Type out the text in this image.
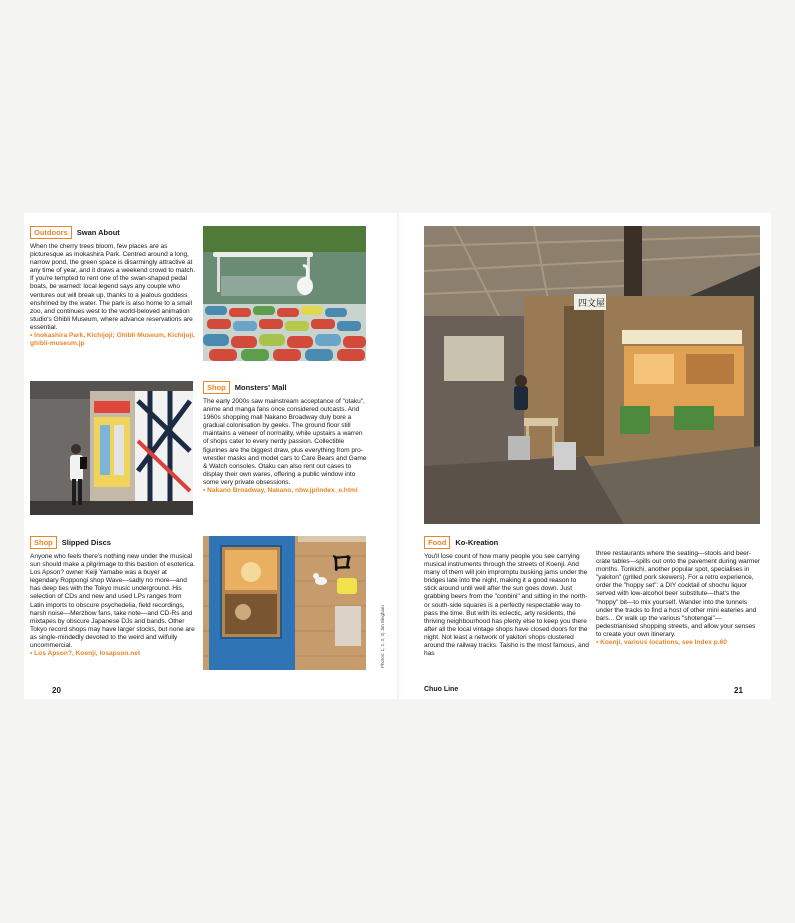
Outdoors	Swan About

When the cherry trees bloom, few places are as picturesque as Inokashira Park. Centred around a long, narrow pond, the green space is disarmingly attractive at any time of year, and it draws a weekend crowd to match. If you're tempted to rent one of the swan-shaped pedal boats, be warned: local legend says any couple who ventures out will break up, thanks to a jealous goddess enshrined by the water. The park is also home to a small zoo, and continues west to the world-beloved animation studio's Ghibli Museum, where advance reservations are essential.

• Inokashira Park, Kichijoji; Ghibli Museum, Kichijoji, ghibli-museum.jp

Shop	Monsters' Mall

The early 2000s saw mainstream acceptance of "otaku", anime and manga fans once considered outcasts. And 1960s shopping mall Nakano Broadway duly bore a gradual colonisation by geeks. The ground floor still maintains a veneer of normality, while upstairs a warren of shops cater to every nerdy passion. Collectible figurines are the biggest draw, plus everything from pro-wrestler masks and model cars to Care Bears and Game & Watch consoles. Otaku can also rent out cases to display their own wares, offering a public window into some very private obsessions.

• Nakano Broadway, Nakano, nbw.jp/index_e.html

Shop	Slipped Discs

Anyone who feels there's nothing new under the musical sun should make a pilgrimage to this bastion of esoterica. Los Apson? owner Keiji Yamabe was a buyer at legendary Roppongi shop Wave—sadly no more—and has deep ties with the Tokyo music underground. His selection of CDs and new and used LPs ranges from Latin imports to obscure psychedelia, field recordings, harsh noise—Merzbow fans, take note—and CD-Rs and mixtapes by obscure Japanese DJs and bands. Other Tokyo record shops may have larger stocks, but none are as single-mindedly devoted to the weird and wilfully uncommercial.

• Los Apson?, Koenji, losapson.net

ロ
Photos: 1, 2, 3, 4) Jim Bingham
20
四文屋
Food	Ko-Kreation

You'll lose count of how many people you see carrying musical instruments through the streets of Koenji. And many of them will join impromptu busking jams under the bridges late into the night, making it a good reason to stick around until well after the sun goes down. Just grabbing beers from the "conbini" and sitting in the north- or south-side squares is a perfectly respectable way to pass the time. But with its eclectic, arty residents, the thriving neighbourhood has plenty else to keep you there after all the local vintage shops have closed doors for the night. Not least a network of yakitori shops clustered around the railway tracks. Taisho is the most famous, and has

three restaurants where the seating—stools and beer-crate tables—spills out onto the pavement during warmer months. Tonkichi, another popular spot, specialises in "yakiton" (grilled pork skewers). For a retro experience, order the "hoppy set": a DIY cocktail of shochu liquor served with low-alcohol beer substitute—that's the "hoppy" bit—to mix yourself. Wander into the tunnels under the tracks to find a host of other mini eateries and bars... Or walk up the various "shotengai"—pedestrianised shopping streets, and allow your senses to create your own itinerary.

• Koenji, various locations, see Index p.60

Chuo Line	21
